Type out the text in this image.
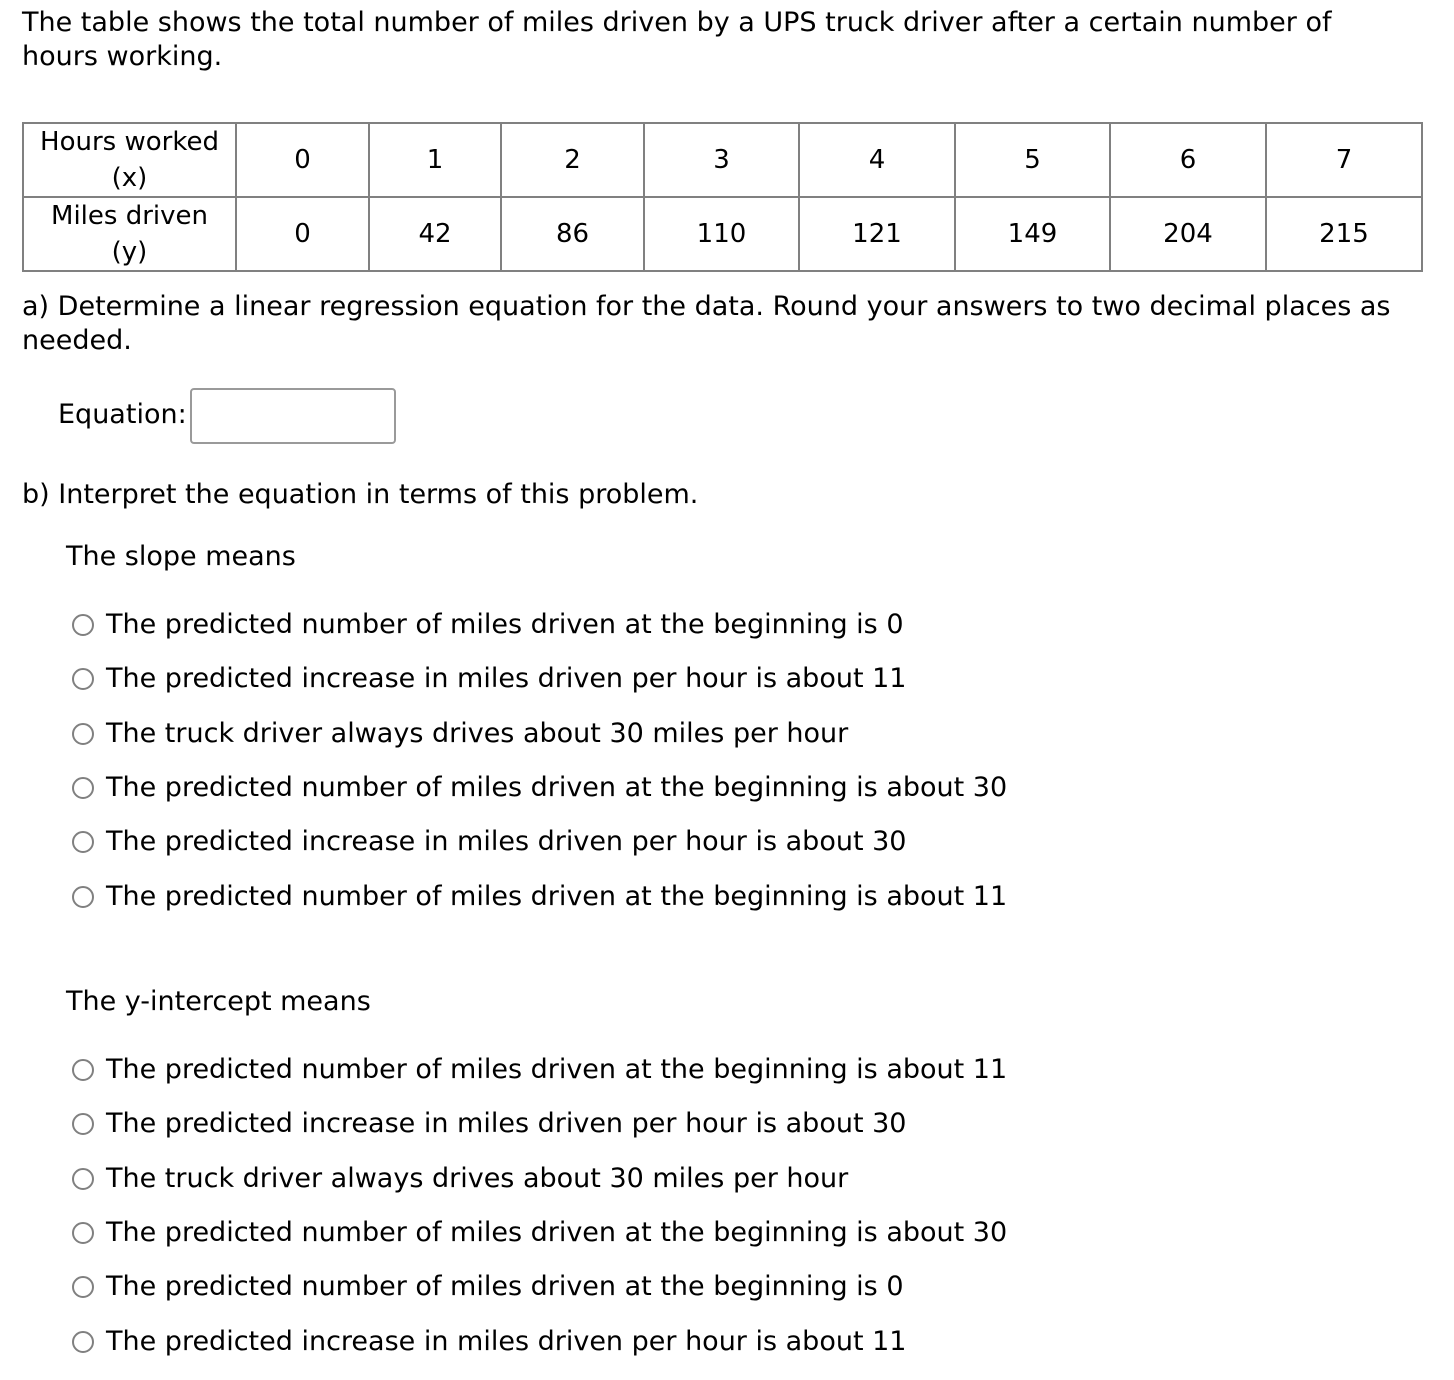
The table shows the total number of miles driven by a UPS truck driver after a certain number of hours working.
Hours worked
(x)	0	1	2	3	4	5	6	7
Miles driven
(y)	0	42	86	110	121	149	204	215
a) Determine a linear regression equation for the data. Round your answers to two decimal places as needed.
Equation:
b) Interpret the equation in terms of this problem.
The slope means
The predicted number of miles driven at the beginning is 0
The predicted increase in miles driven per hour is about 11
The truck driver always drives about 30 miles per hour
The predicted number of miles driven at the beginning is about 30
The predicted increase in miles driven per hour is about 30
The predicted number of miles driven at the beginning is about 11
The y-intercept means
The predicted number of miles driven at the beginning is about 11
The predicted increase in miles driven per hour is about 30
The truck driver always drives about 30 miles per hour
The predicted number of miles driven at the beginning is about 30
The predicted number of miles driven at the beginning is 0
The predicted increase in miles driven per hour is about 11
